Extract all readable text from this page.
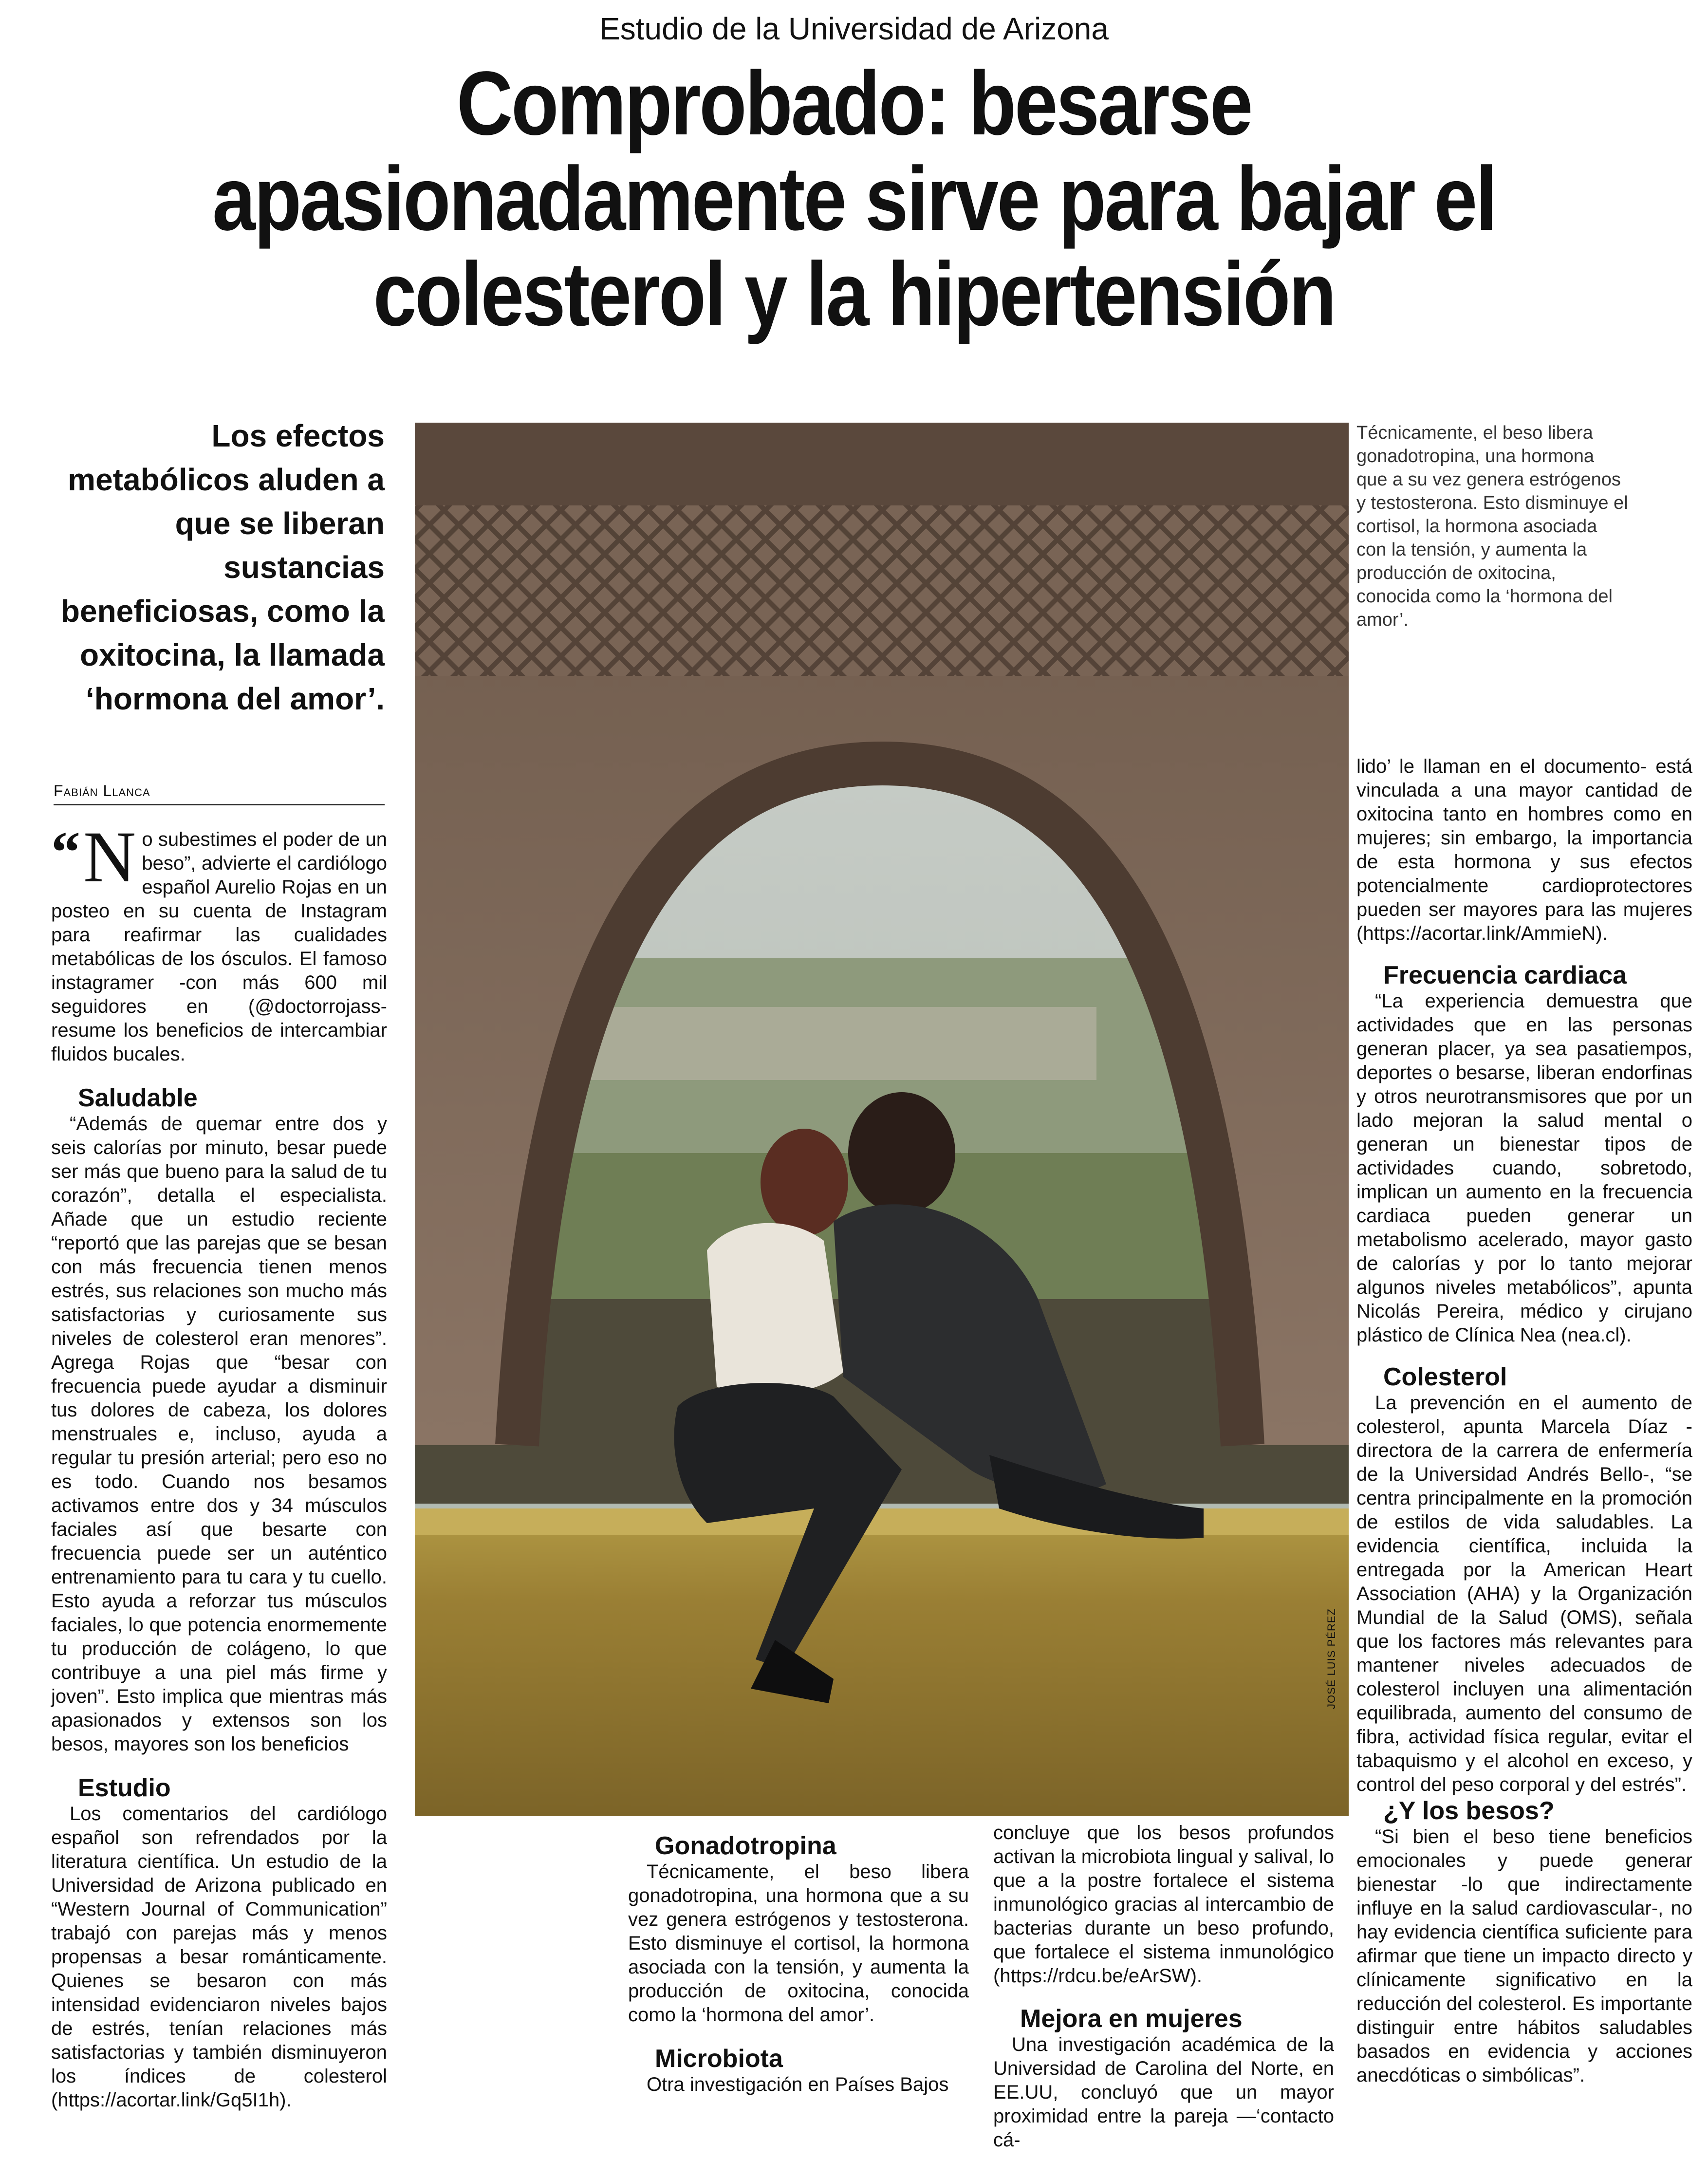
Estudio de la Universidad de Arizona
Comprobado: besarse apasionadamente sirve para bajar el colesterol y la hipertensión
Los efectos metabólicos aluden a que se liberan sustancias beneficiosas, como la oxitocina, la llamada ‘hormona del amor’.
Fabián Llanca

“ N o subestimes el poder de un beso”, advierte el cardiólogo español Aurelio Rojas en un posteo en su cuenta de Instagram para reafirmar las cualidades metabólicas de los ósculos. El famoso instagramer -con más 600 mil seguidores en (@doctorrojass- resume los beneficios de intercambiar fluidos bucales.

Saludable

“Además de quemar entre dos y seis calorías por minuto, besar puede ser más que bueno para la salud de tu corazón”, detalla el especialista. Añade que un estudio reciente “reportó que las parejas que se besan con más frecuencia tienen menos estrés, sus relaciones son mucho más satisfactorias y curiosamente sus niveles de colesterol eran menores”. Agrega Rojas que “besar con frecuencia puede ayudar a disminuir tus dolores de cabeza, los dolores menstruales e, incluso, ayuda a regular tu presión arterial; pero eso no es todo. Cuando nos besamos activamos entre dos y 34 músculos faciales así que besarte con frecuencia puede ser un auténtico entrenamiento para tu cara y tu cuello. Esto ayuda a reforzar tus músculos faciales, lo que potencia enormemente tu producción de colágeno, lo que contribuye a una piel más firme y joven”. Esto implica que mientras más apasionados y extensos son los besos, mayores son los beneficios

Estudio

Los comentarios del cardiólogo español son refrendados por la literatura científica. Un estudio de la Universidad de Arizona publicado en “Western Journal of Communication” trabajó con parejas más y menos propensas a besar románticamente. Quienes se besaron con más intensidad evidenciaron niveles bajos de estrés, tenían relaciones más satisfactorias y también disminuyeron los índices de colesterol (https://acortar.link/Gq5I1h).

JOSÉ LUIS PÉREZ
Técnicamente, el beso libera gonadotropina, una hormona que a su vez genera estrógenos y testosterona. Esto disminuye el cortisol, la hormona asociada con la tensión, y aumenta la producción de oxitocina, conocida como la ‘hormona del amor’.
Gonadotropina

Técnicamente, el beso libera gonadotropina, una hormona que a su vez genera estrógenos y testosterona. Esto disminuye el cortisol, la hormona asociada con la tensión, y aumenta la producción de oxitocina, conocida como la ‘hormona del amor’.

Microbiota

Otra investigación en Países Bajos

concluye que los besos profundos activan la microbiota lingual y salival, lo que a la postre fortalece el sistema inmunológico gracias al intercambio de bacterias durante un beso profundo, que fortalece el sistema inmunológico (https://rdcu.be/eArSW).

Mejora en mujeres

Una investigación académica de la Universidad de Carolina del Norte, en EE.UU, concluyó que un mayor proximidad entre la pareja —‘contacto cá-

lido’ le llaman en el documento- está vinculada a una mayor cantidad de oxitocina tanto en hombres como en mujeres; sin embargo, la importancia de esta hormona y sus efectos potencialmente cardioprotectores pueden ser mayores para las mujeres (https://acortar.link/AmmieN).

Frecuencia cardiaca

“La experiencia demuestra que actividades que en las personas generan placer, ya sea pasatiempos, deportes o besarse, liberan endorfinas y otros neurotransmisores que por un lado mejoran la salud mental o generan un bienestar tipos de actividades cuando, sobretodo, implican un aumento en la frecuencia cardiaca pueden generar un metabolismo acelerado, mayor gasto de calorías y por lo tanto mejorar algunos niveles metabólicos”, apunta Nicolás Pereira, médico y cirujano plástico de Clínica Nea (nea.cl).

Colesterol

La prevención en el aumento de colesterol, apunta Marcela Díaz -directora de la carrera de enfermería de la Universidad Andrés Bello-, “se centra principalmente en la promoción de estilos de vida saludables. La evidencia científica, incluida la entregada por la American Heart Association (AHA) y la Organización Mundial de la Salud (OMS), señala que los factores más relevantes para mantener niveles adecuados de colesterol incluyen una alimentación equilibrada, aumento del consumo de fibra, actividad física regular, evitar el tabaquismo y el alcohol en exceso, y control del peso corporal y del estrés”.

¿Y los besos?

“Si bien el beso tiene beneficios emocionales y puede generar bienestar -lo que indirectamente influye en la salud cardiovascular-, no hay evidencia científica suficiente para afirmar que tiene un impacto directo y clínicamente significativo en la reducción del colesterol. Es importante distinguir entre hábitos saludables basados en evidencia y acciones anecdóticas o simbólicas”.
